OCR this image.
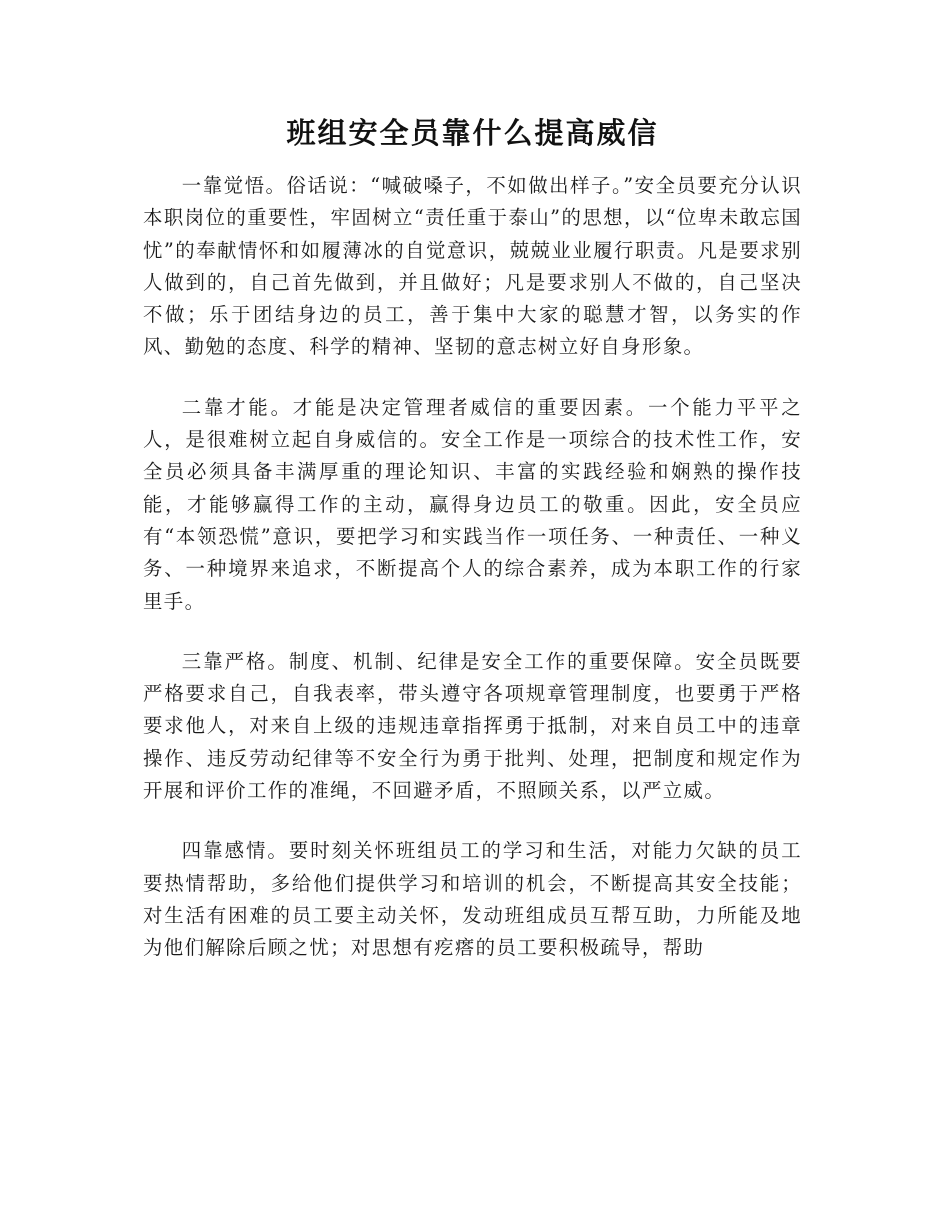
班组安全员靠什么提高威信

一靠觉悟。俗话说：“喊破嗓子，不如做出样子。”安全员要充分认识本职岗位的重要性，牢固树立“责任重于泰山”的思想，以“位卑未敢忘国忧”的奉献情怀和如履薄冰的自觉意识，兢兢业业履行职责。凡是要求别人做到的，自己首先做到，并且做好；凡是要求别人不做的，自己坚决不做；乐于团结身边的员工，善于集中大家的聪慧才智，以务实的作风、勤勉的态度、科学的精神、坚韧的意志树立好自身形象。

二靠才能。才能是决定管理者威信的重要因素。一个能力平平之人，是很难树立起自身威信的。安全工作是一项综合的技术性工作，安全员必须具备丰满厚重的理论知识、丰富的实践经验和娴熟的操作技能，才能够赢得工作的主动，赢得身边员工的敬重。因此，安全员应有“本领恐慌”意识，要把学习和实践当作一项任务、一种责任、一种义务、一种境界来追求，不断提高个人的综合素养，成为本职工作的行家里手。

三靠严格。制度、机制、纪律是安全工作的重要保障。安全员既要严格要求自己，自我表率，带头遵守各项规章管理制度，也要勇于严格要求他人，对来自上级的违规违章指挥勇于抵制，对来自员工中的违章操作、违反劳动纪律等不安全行为勇于批判、处理，把制度和规定作为开展和评价工作的准绳，不回避矛盾，不照顾关系，以严立威。

四靠感情。要时刻关怀班组员工的学习和生活，对能力欠缺的员工要热情帮助，多给他们提供学习和培训的机会，不断提高其安全技能；对生活有困难的员工要主动关怀，发动班组成员互帮互助，力所能及地为他们解除后顾之忧；对思想有疙瘩的员工要积极疏导，帮助
